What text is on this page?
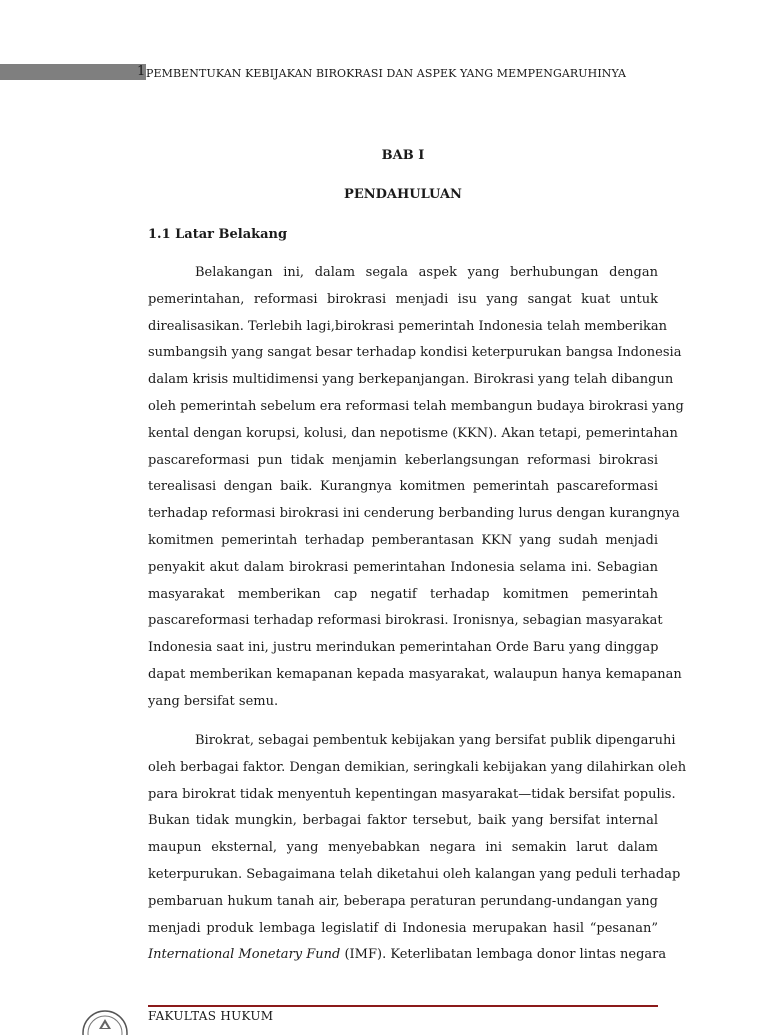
1 PEMBENTUKAN KEBIJAKAN BIROKRASI DAN ASPEK YANG MEMPENGARUHINYA
BAB I
PENDAHULUAN
1.1 Latar Belakang
Belakangan ini, dalam segala aspek yang berhubungan dengan
pemerintahan, reformasi birokrasi menjadi isu yang sangat kuat untuk
direalisasikan. Terlebih lagi,birokrasi pemerintah Indonesia telah memberikan
sumbangsih yang sangat besar terhadap kondisi keterpurukan bangsa Indonesia
dalam krisis multidimensi yang berkepanjangan. Birokrasi yang telah dibangun
oleh pemerintah sebelum era reformasi telah membangun budaya birokrasi yang
kental dengan korupsi, kolusi, dan nepotisme (KKN). Akan tetapi, pemerintahan
pascareformasi pun tidak menjamin keberlangsungan reformasi birokrasi
terealisasi dengan baik. Kurangnya komitmen pemerintah pascareformasi
terhadap reformasi birokrasi ini cenderung berbanding lurus dengan kurangnya
komitmen pemerintah terhadap pemberantasan KKN yang sudah menjadi
penyakit akut dalam birokrasi pemerintahan Indonesia selama ini. Sebagian
masyarakat memberikan cap negatif terhadap komitmen pemerintah
pascareformasi terhadap reformasi birokrasi. Ironisnya, sebagian masyarakat
Indonesia saat ini, justru merindukan pemerintahan Orde Baru yang dinggap
dapat memberikan kemapanan kepada masyarakat, walaupun hanya kemapanan
yang bersifat semu.
Birokrat, sebagai pembentuk kebijakan yang bersifat publik dipengaruhi
oleh berbagai faktor. Dengan demikian, seringkali kebijakan yang dilahirkan oleh
para birokrat tidak menyentuh kepentingan masyarakat—tidak bersifat populis.
Bukan tidak mungkin, berbagai faktor tersebut, baik yang bersifat internal
maupun eksternal, yang menyebabkan negara ini semakin larut dalam
keterpurukan. Sebagaimana telah diketahui oleh kalangan yang peduli terhadap
pembaruan hukum tanah air, beberapa peraturan perundang-undangan yang
menjadi produk lembaga legislatif di Indonesia merupakan hasil “pesanan”
International Monetary Fund (IMF). Keterlibatan lembaga donor lintas negara
FAKULTAS HUKUM
